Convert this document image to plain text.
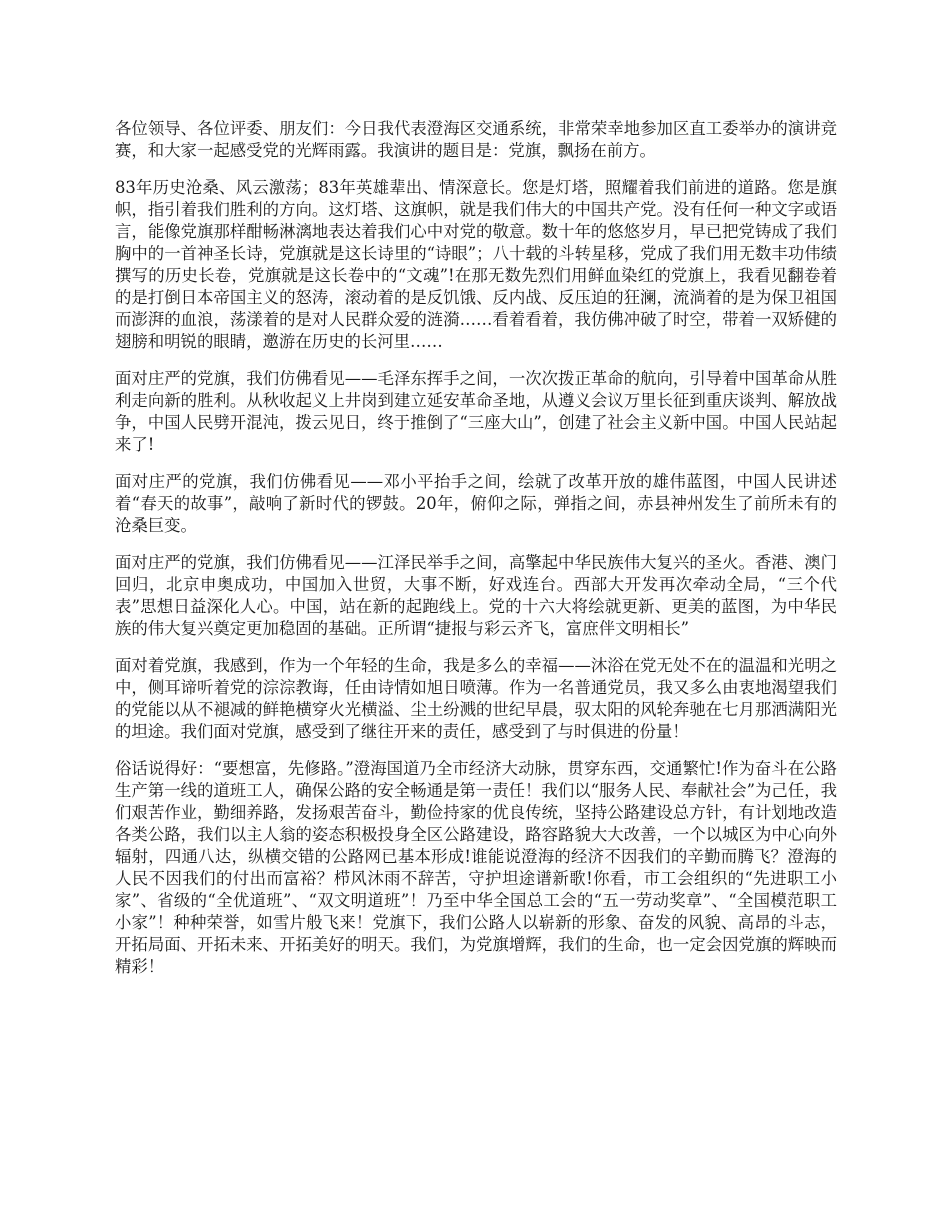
各位领导、各位评委、朋友们：今日我代表澄海区交通系统，非常荣幸地参加区直工委举办的演讲竞赛，和大家一起感受党的光辉雨露。我演讲的题目是：党旗，飘扬在前方。

83年历史沧桑、风云激荡；83年英雄辈出、情深意长。您是灯塔，照耀着我们前进的道路。您是旗帜，指引着我们胜利的方向。这灯塔、这旗帜，就是我们伟大的中国共产党。没有任何一种文字或语言，能像党旗那样酣畅淋漓地表达着我们心中对党的敬意。数十年的悠悠岁月，早已把党铸成了我们胸中的一首神圣长诗，党旗就是这长诗里的“诗眼”；八十载的斗转星移，党成了我们用无数丰功伟绩撰写的历史长卷，党旗就是这长卷中的“文魂”!在那无数先烈们用鲜血染红的党旗上，我看见翻卷着的是打倒日本帝国主义的怒涛，滚动着的是反饥饿、反内战、反压迫的狂澜，流淌着的是为保卫祖国而澎湃的血浪，荡漾着的是对人民群众爱的涟漪……看着看着，我仿佛冲破了时空，带着一双矫健的翅膀和明锐的眼睛，邀游在历史的长河里……

面对庄严的党旗，我们仿佛看见——毛泽东挥手之间，一次次拨正革命的航向，引导着中国革命从胜利走向新的胜利。从秋收起义上井岗到建立延安革命圣地，从遵义会议万里长征到重庆谈判、解放战争，中国人民劈开混沌，拨云见日，终于推倒了“三座大山”，创建了社会主义新中国。中国人民站起来了!

面对庄严的党旗，我们仿佛看见——邓小平抬手之间，绘就了改革开放的雄伟蓝图，中国人民讲述着“春天的故事”，敲响了新时代的锣鼓。20年，俯仰之际，弹指之间，赤县神州发生了前所未有的沧桑巨变。

面对庄严的党旗，我们仿佛看见——江泽民举手之间，高擎起中华民族伟大复兴的圣火。香港、澳门回归，北京申奥成功，中国加入世贸，大事不断，好戏连台。西部大开发再次牵动全局，“三个代表”思想日益深化人心。中国，站在新的起跑线上。党的十六大将绘就更新、更美的蓝图，为中华民族的伟大复兴奠定更加稳固的基础。正所谓“捷报与彩云齐飞，富庶伴文明相长”

面对着党旗，我感到，作为一个年轻的生命，我是多么的幸福——沐浴在党无处不在的温温和光明之中，侧耳谛听着党的淙淙教诲，任由诗情如旭日喷薄。作为一名普通党员，我又多么由衷地渴望我们的党能以从不褪减的鲜艳横穿火光横溢、尘土纷溅的世纪早晨，驭太阳的风轮奔驰在七月那洒满阳光的坦途。我们面对党旗，感受到了继往开来的责任，感受到了与时俱进的份量！

俗话说得好：“要想富，先修路。”澄海国道乃全市经济大动脉，贯穿东西，交通繁忙!作为奋斗在公路生产第一线的道班工人，确保公路的安全畅通是第一责任！我们以“服务人民、奉献社会”为己任，我们艰苦作业，勤细养路，发扬艰苦奋斗，勤俭持家的优良传统，坚持公路建设总方针，有计划地改造各类公路，我们以主人翁的姿态积极投身全区公路建设，路容路貌大大改善，一个以城区为中心向外辐射，四通八达，纵横交错的公路网已基本形成!谁能说澄海的经济不因我们的辛勤而腾飞？澄海的人民不因我们的付出而富裕？栉风沐雨不辞苦，守护坦途谱新歌!你看，市工会组织的“先进职工小家”、省级的“全优道班”、“双文明道班”！乃至中华全国总工会的“五一劳动奖章”、“全国模范职工小家”！种种荣誉，如雪片般飞来！党旗下，我们公路人以崭新的形象、奋发的风貌、高昂的斗志，开拓局面、开拓未来、开拓美好的明天。我们，为党旗增辉，我们的生命，也一定会因党旗的辉映而精彩！
